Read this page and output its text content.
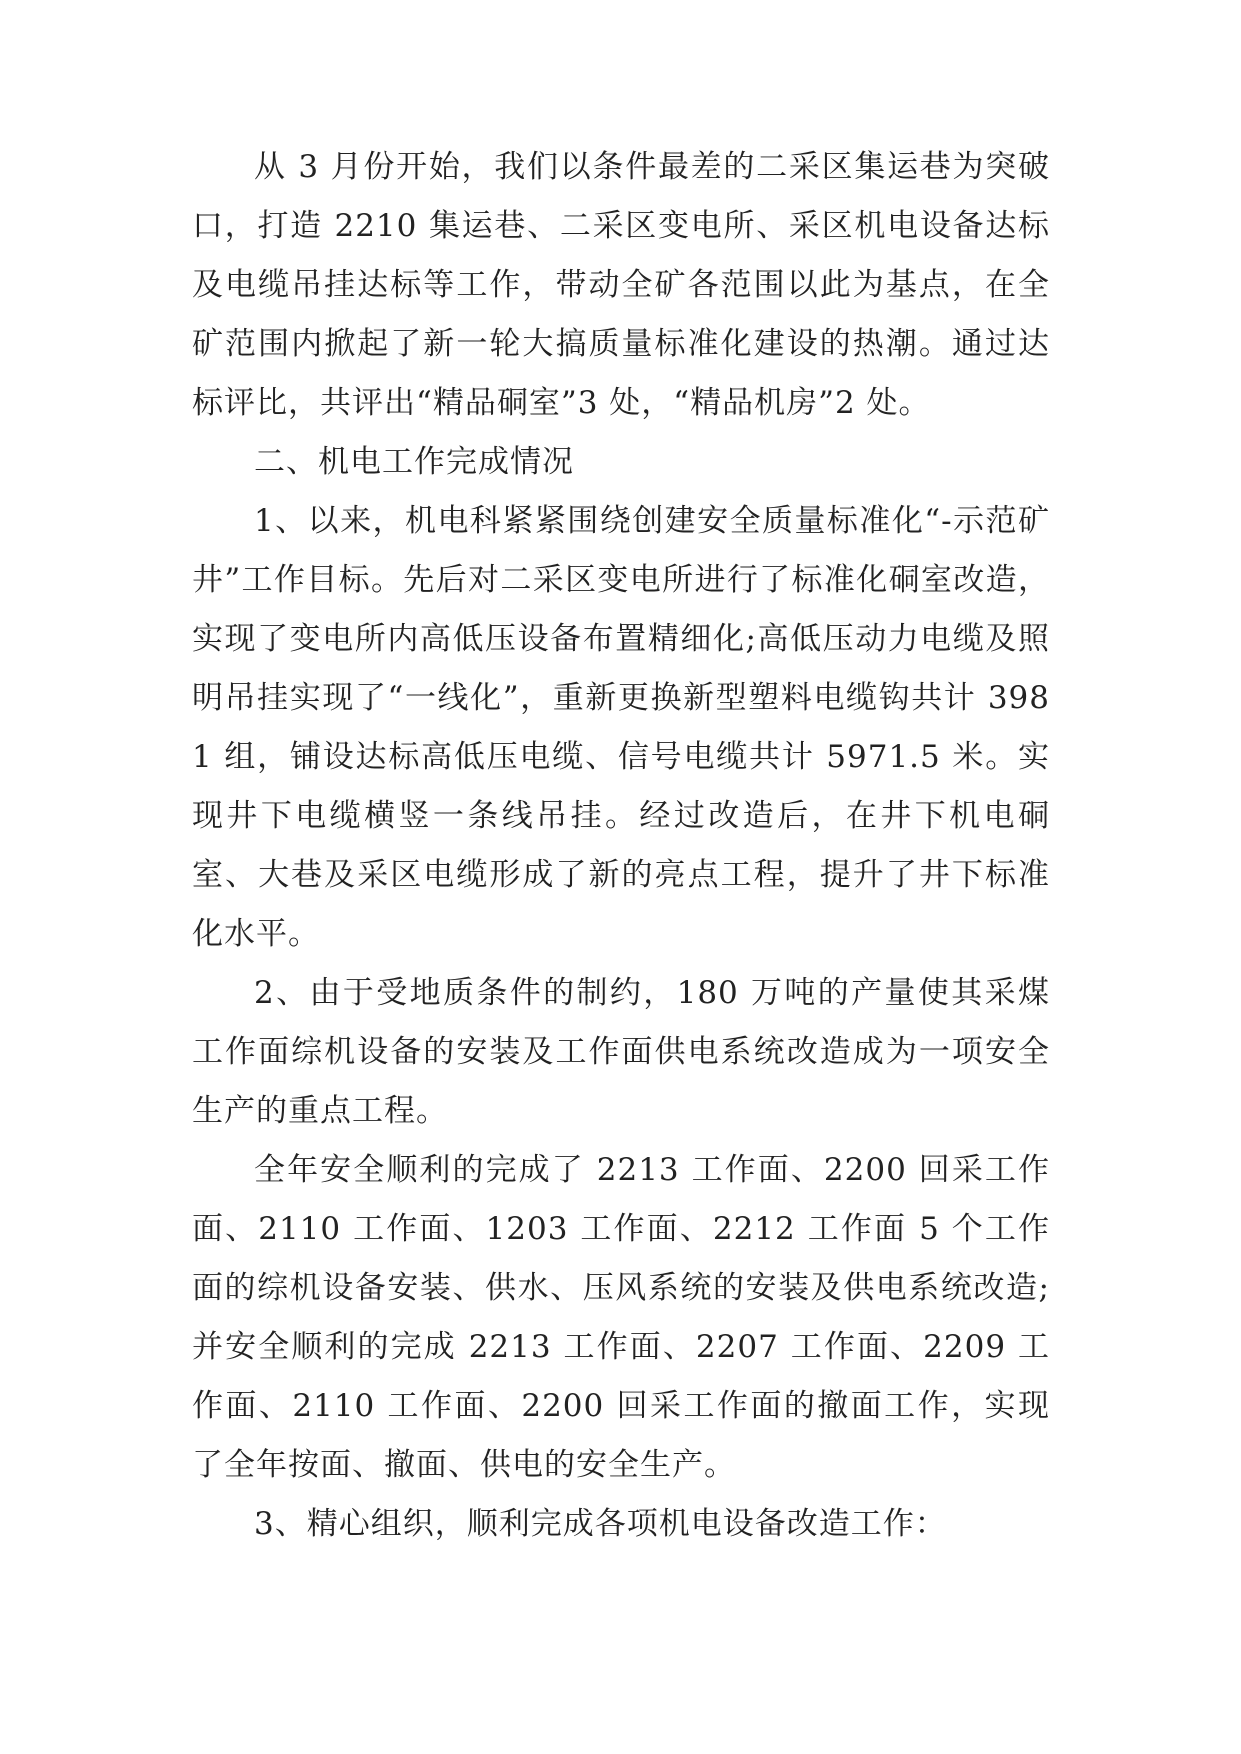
从 3 月份开始，我们以条件最差的二采区集运巷为突破口，打造 2210 集运巷、二采区变电所、采区机电设备达标及电缆吊挂达标等工作，带动全矿各范围以此为基点，在全矿范围内掀起了新一轮大搞质量标准化建设的热潮。通过达标评比，共评出“精品硐室”3 处，“精品机房”2 处。

二、机电工作完成情况

1、以来，机电科紧紧围绕创建安全质量标准化“-示范矿井”工作目标。先后对二采区变电所进行了标准化硐室改造，实现了变电所内高低压设备布置精细化;高低压动力电缆及照明吊挂实现了“一线化”，重新更换新型塑料电缆钩共计 3981 组，铺设达标高低压电缆、信号电缆共计 5971.5 米。实现井下电缆横竖一条线吊挂。经过改造后，在井下机电硐室、大巷及采区电缆形成了新的亮点工程，提升了井下标准化水平。

2、由于受地质条件的制约，180 万吨的产量使其采煤工作面综机设备的安装及工作面供电系统改造成为一项安全生产的重点工程。

全年安全顺利的完成了 2213 工作面、2200 回采工作面、2110 工作面、1203 工作面、2212 工作面 5 个工作面的综机设备安装、供水、压风系统的安装及供电系统改造;并安全顺利的完成 2213 工作面、2207 工作面、2209 工作面、2110 工作面、2200 回采工作面的撤面工作，实现了全年按面、撤面、供电的安全生产。

3、精心组织，顺利完成各项机电设备改造工作：
